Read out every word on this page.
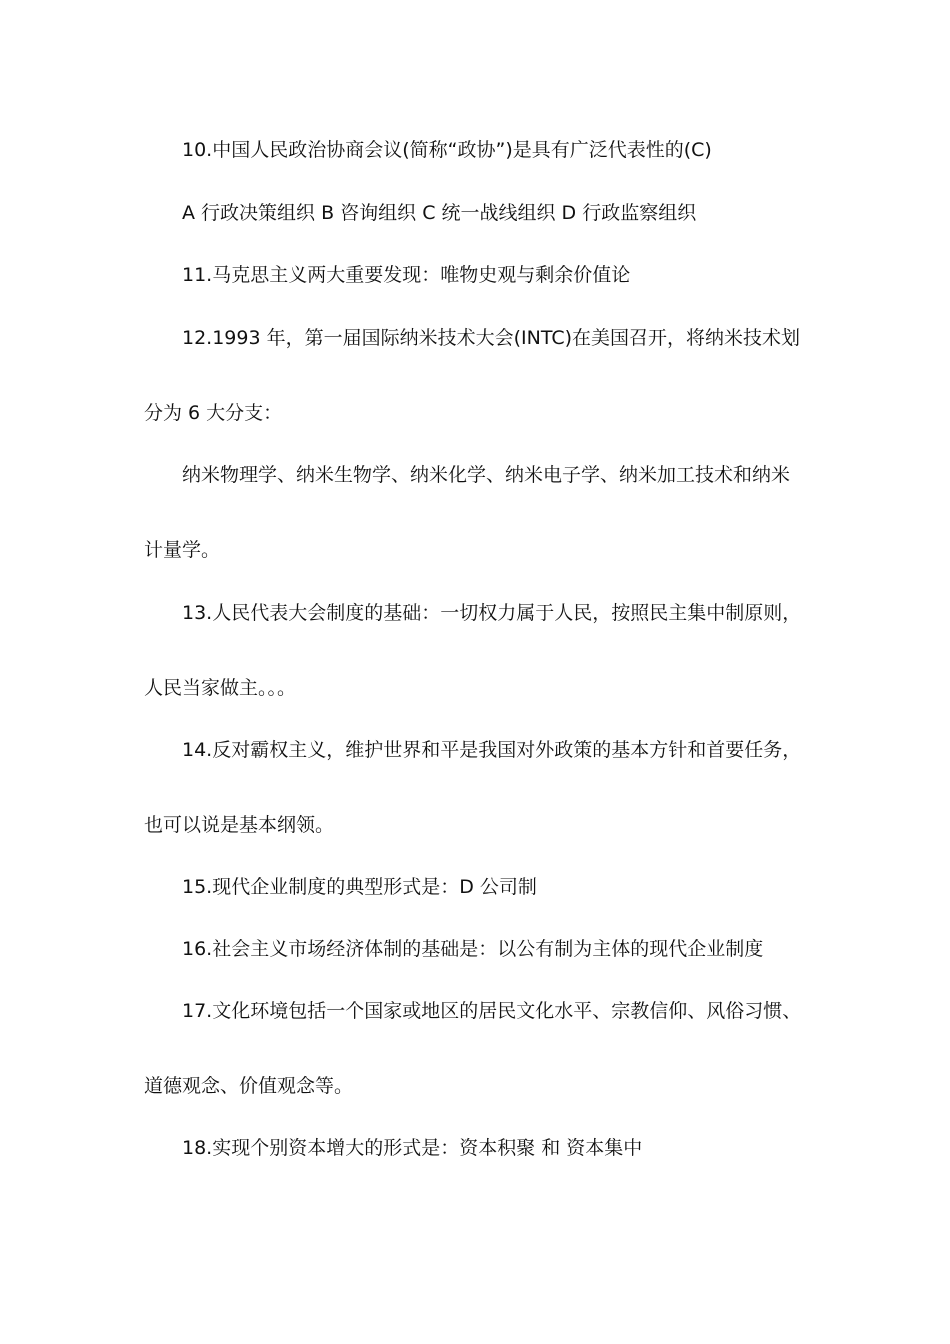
10.中国人民政治协商会议(简称“政协”)是具有广泛代表性的(C)
A 行政决策组织 B 咨询组织 C 统一战线组织 D 行政监察组织
11.马克思主义两大重要发现：唯物史观与剩余价值论
12.1993 年，第一届国际纳米技术大会(INTC)在美国召开，将纳米技术划
分为 6 大分支：
纳米物理学、纳米生物学、纳米化学、纳米电子学、纳米加工技术和纳米
计量学。
13.人民代表大会制度的基础：一切权力属于人民，按照民主集中制原则，
人民当家做主。。。
14.反对霸权主义，维护世界和平是我国对外政策的基本方针和首要任务，
也可以说是基本纲领。
15.现代企业制度的典型形式是：D 公司制
16.社会主义市场经济体制的基础是：以公有制为主体的现代企业制度
17.文化环境包括一个国家或地区的居民文化水平、宗教信仰、风俗习惯、
道德观念、价值观念等。
18.实现个别资本增大的形式是：资本积聚 和 资本集中
